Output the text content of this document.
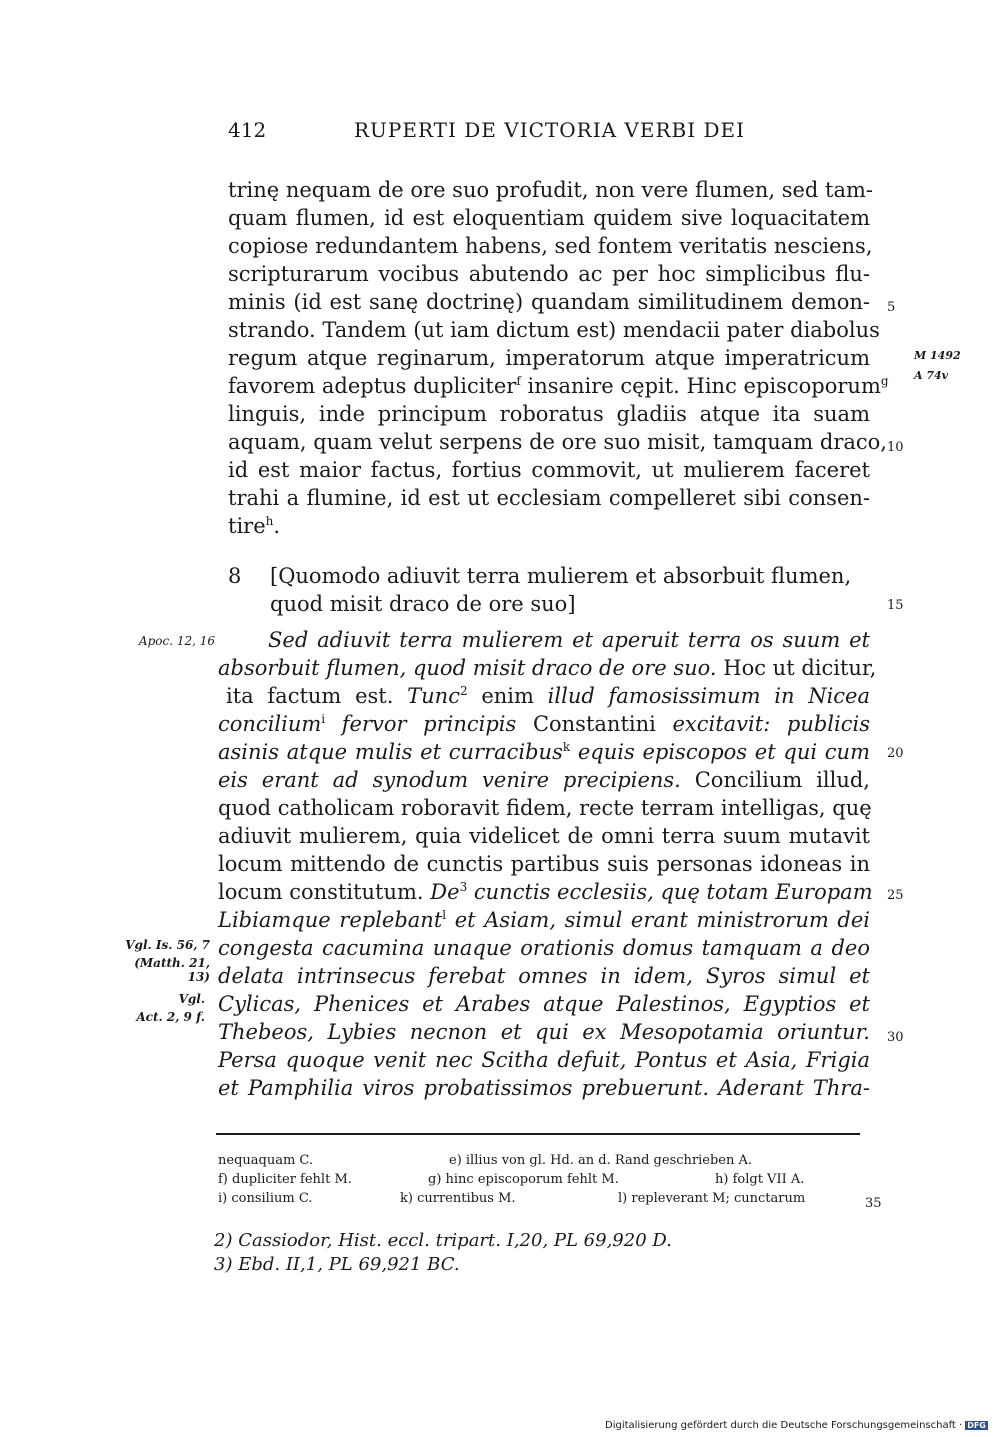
412	RUPERTI DE VICTORIA VERBI DEI
trinę nequam de ore suo profudit, non vere flumen, sed tam-
quam flumen, id est eloquentiam quidem sive loquacitatem
copiose redundantem habens, sed fontem veritatis nesciens,
scripturarum vocibus abutendo ac per hoc simplicibus flu-
minis (id est sanę doctrinę) quandam similitudinem demon-
strando. Tandem (ut iam dictum est) mendacii pater diabolus
regum atque reginarum, imperatorum atque imperatricum
favorem adeptus dupliciter$^f$ insanire cępit. Hinc episcoporum$^g$
linguis, inde principum roboratus gladiis atque ita suam
aquam, quam velut serpens de ore suo misit, tamquam draco,
id est maior factus, fortius commovit, ut mulierem faceret
trahi a flumine, id est ut ecclesiam compelleret sibi consen-
tire$^h$.
8 [Quomodo adiuvit terra mulierem et absorbuit flumen,
quod misit draco de ore suo]
Sed adiuvit terra mulierem et aperuit terra os suum et
absorbuit flumen, quod misit draco de ore suo. Hoc ut dicitur,
ita factum est. Tunc$^2$ enim illud famosissimum in Nicea
concilium$^i$ fervor principis Constantini excitavit: publicis
asinis atque mulis et curracibus$^k$ equis episcopos et qui cum
eis erant ad synodum venire precipiens. Concilium illud,
quod catholicam roboravit fidem, recte terram intelligas, quę
adiuvit mulierem, quia videlicet de omni terra suum mutavit
locum mittendo de cunctis partibus suis personas idoneas in
locum constitutum. De$^3$ cunctis ecclesiis, quę totam Europam
Libiamque replebant$^l$ et Asiam, simul erant ministrorum dei
congesta cacumina unaque orationis domus tamquam a deo
delata intrinsecus ferebat omnes in idem, Syros simul et
Cylicas, Phenices et Arabes atque Palestinos, Egyptios et
Thebeos, Lybies necnon et qui ex Mesopotamia oriuntur.
Persa quoque venit nec Scitha defuit, Pontus et Asia, Frigia
et Pamphilia viros probatissimos prebuerunt. Aderant Thra-
5
10
15
20
25
30
35
M 1492
A 74v
Apoc. 12, 16
Vgl. Is. 56, 7
(Matth. 21, 13)
Vgl.
Act. 2, 9 f.
nequaquam C.	e) illius von gl. Hd. an d. Rand geschrieben A.
f) dupliciter fehlt M.	g) hinc episcoporum fehlt M.	h) folgt VII A.
i) consilium C.	k) currentibus M.	l) repleverant M; cunctarum
2) Cassiodor, Hist. eccl. tripart. I,20, PL 69,920 D.
3) Ebd. II,1, PL 69,921 BC.
Digitalisierung gefördert durch die Deutsche Forschungsgemeinschaft · DFG
